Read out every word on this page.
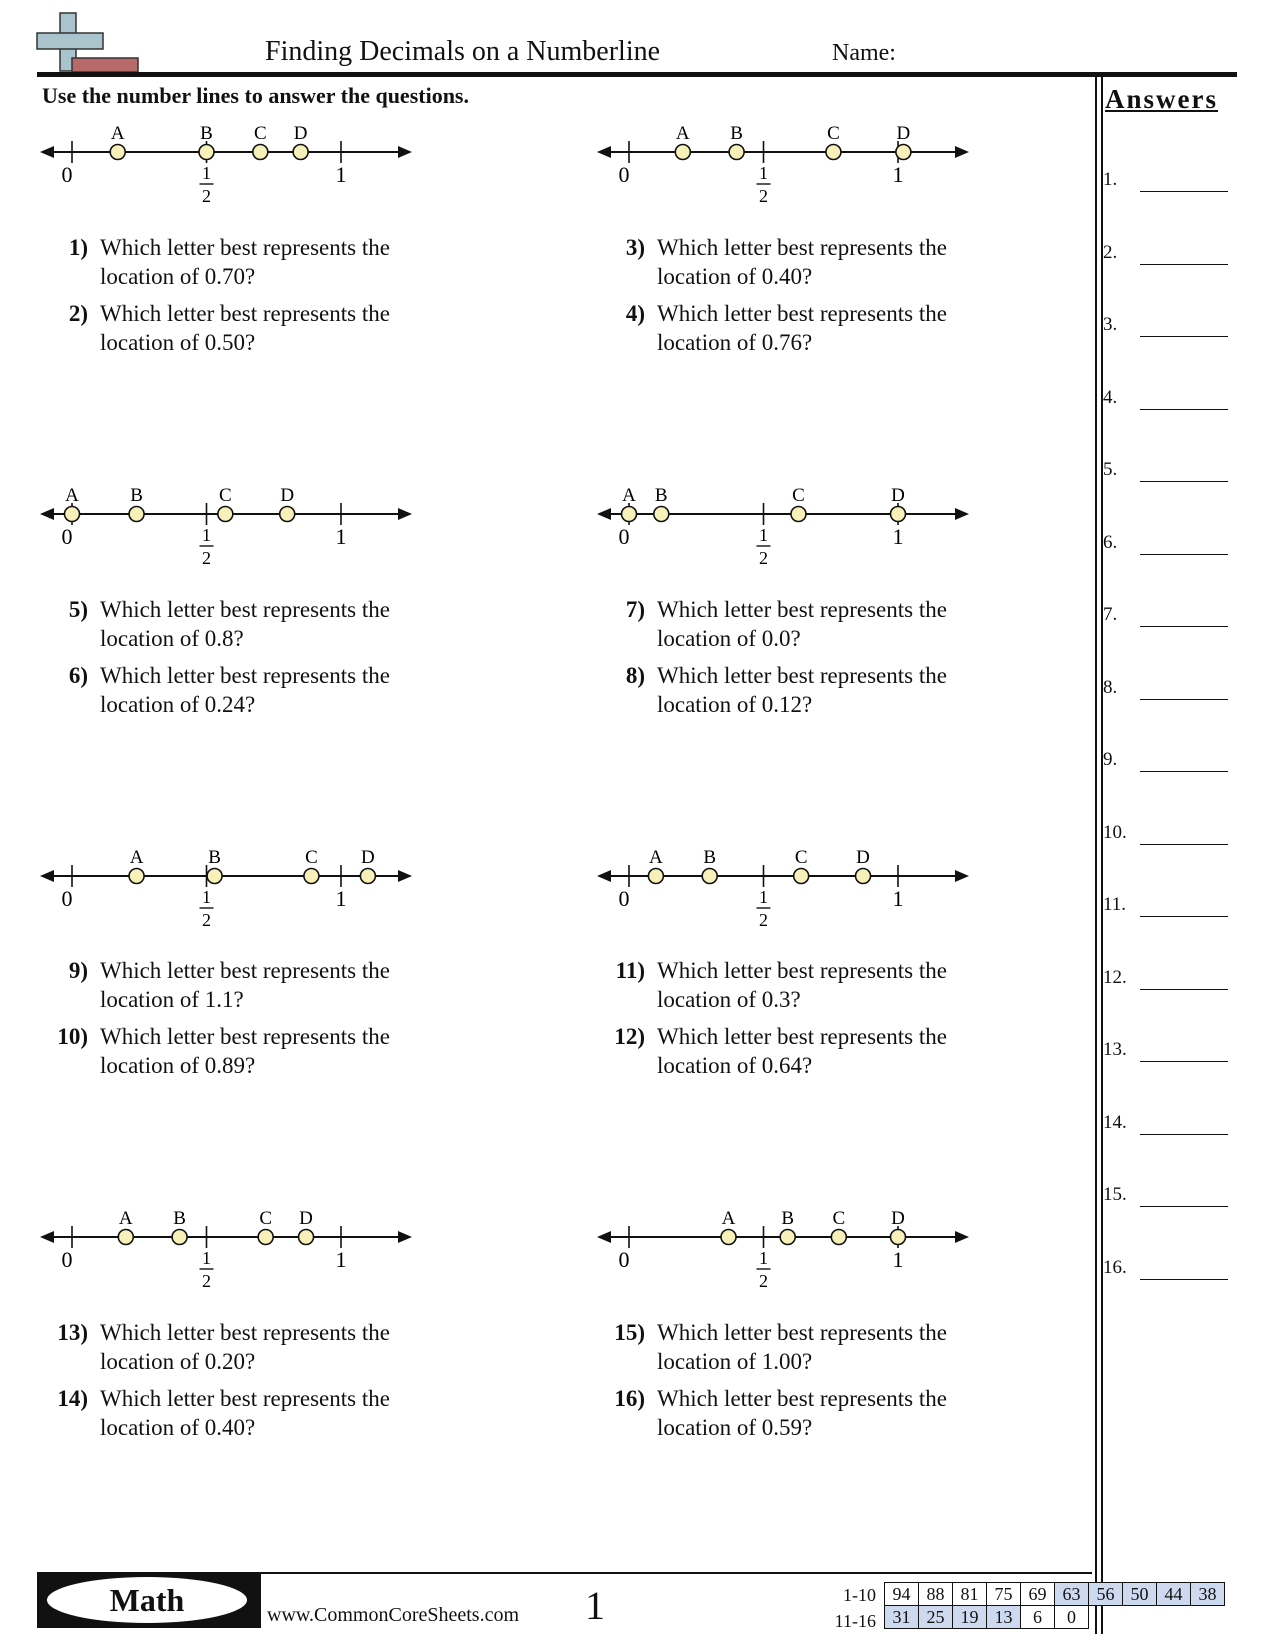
Finding Decimals on a Numberline	Name:
Use the number lines to answer the questions.	Answers
1.
2.
3.
4.
5.
6.
7.
8.
9.
10.
11.
12.
13.
14.
15.
16.
0	1
1
2
A	B C D
0	1
1
2
A B	C	D
0	1
1
2
A	B	C	D
0	1
1
2
A B	C	D
0	1
1
2
A	B	C D
0	1
1
2
A B	C	D
0	1
1
2
A B	C D
0	1
1
2
A B C D
1) Which letter best represents the location of 0.70?
2) Which letter best represents the location of 0.50?
3) Which letter best represents the location of 0.40?
4) Which letter best represents the location of 0.76?
5) Which letter best represents the location of 0.8?
6) Which letter best represents the location of 0.24?
7) Which letter best represents the location of 0.0?
8) Which letter best represents the location of 0.12?
9) Which letter best represents the location of 1.1?
10) Which letter best represents the location of 0.89?
11) Which letter best represents the location of 0.3?
12) Which letter best represents the location of 0.64?
13) Which letter best represents the location of 0.20?
14) Which letter best represents the location of 0.40?
15) Which letter best represents the location of 1.00?
16) Which letter best represents the location of 0.59?
Math	www.CommonCoreSheets.com 1	1-10
11-16
94	88	81	75	69	63	56	50	44	38
31	25	19	13	6	0				
